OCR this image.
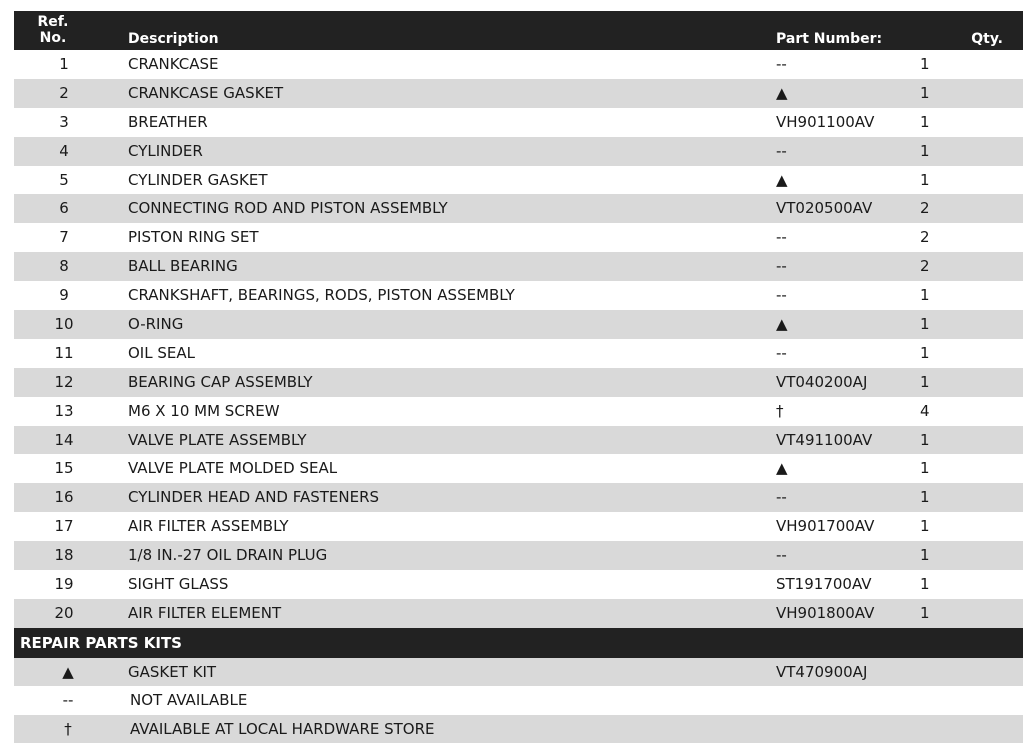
Ref.
No.	Description	Part Number:	Qty.
1	CRANKCASE	--	1
2	CRANKCASE GASKET	▲	1
3	BREATHER	VH901100AV	1
4	CYLINDER	--	1
5	CYLINDER GASKET	▲	1
6	CONNECTING ROD AND PISTON ASSEMBLY	VT020500AV	2
7	PISTON RING SET	--	2
8	BALL BEARING	--	2
9	CRANKSHAFT, BEARINGS, RODS, PISTON ASSEMBLY	--	1
10	O-RING	▲	1
11	OIL SEAL	--	1
12	BEARING CAP ASSEMBLY	VT040200AJ	1
13	M6 X 10 MM SCREW	†	4
14	VALVE PLATE ASSEMBLY	VT491100AV	1
15	VALVE PLATE MOLDED SEAL	▲	1
16	CYLINDER HEAD AND FASTENERS	--	1
17	AIR FILTER ASSEMBLY	VH901700AV	1
18	1/8 IN.-27 OIL DRAIN PLUG	--	1
19	SIGHT GLASS	ST191700AV	1
20	AIR FILTER ELEMENT	VH901800AV	1
REPAIR PARTS KITS
▲	GASKET KIT	VT470900AJ
--	NOT AVAILABLE
†	AVAILABLE AT LOCAL HARDWARE STORE
